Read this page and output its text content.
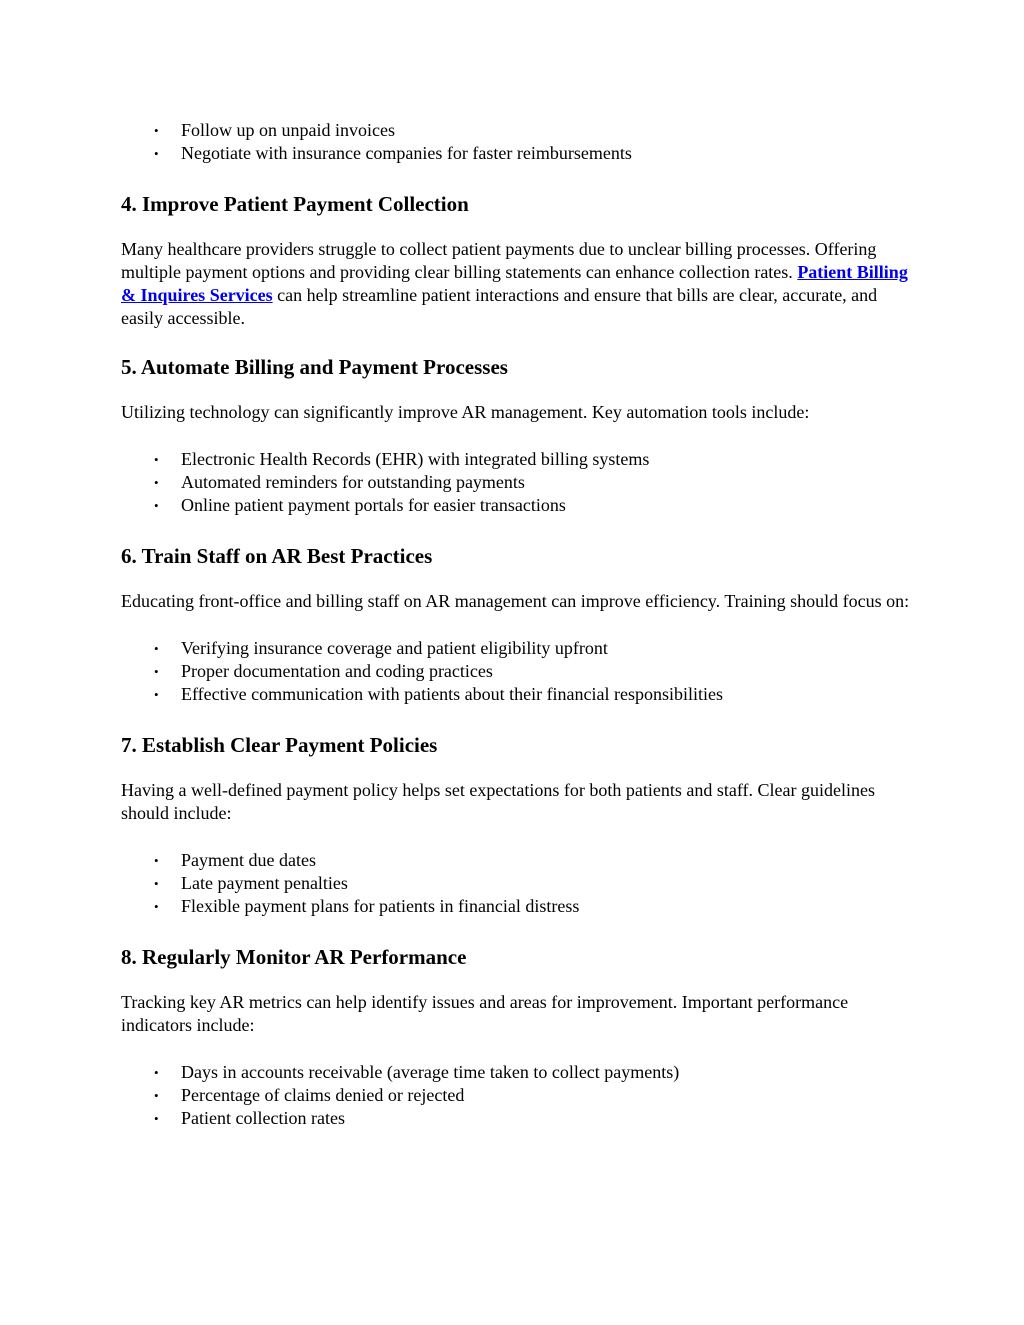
• Follow up on unpaid invoices
• Negotiate with insurance companies for faster reimbursements
4. Improve Patient Payment Collection

Many healthcare providers struggle to collect patient payments due to unclear billing processes. Offering multiple payment options and providing clear billing statements can enhance collection rates. Patient Billing & Inquires Services can help streamline patient interactions and ensure that bills are clear, accurate, and easily accessible.

5. Automate Billing and Payment Processes

Utilizing technology can significantly improve AR management. Key automation tools include:

• Electronic Health Records (EHR) with integrated billing systems
• Automated reminders for outstanding payments
• Online patient payment portals for easier transactions
6. Train Staff on AR Best Practices

Educating front-office and billing staff on AR management can improve efficiency. Training should focus on:

• Verifying insurance coverage and patient eligibility upfront
• Proper documentation and coding practices
• Effective communication with patients about their financial responsibilities
7. Establish Clear Payment Policies

Having a well-defined payment policy helps set expectations for both patients and staff. Clear guidelines should include:

• Payment due dates
• Late payment penalties
• Flexible payment plans for patients in financial distress
8. Regularly Monitor AR Performance

Tracking key AR metrics can help identify issues and areas for improvement. Important performance indicators include:

• Days in accounts receivable (average time taken to collect payments)
• Percentage of claims denied or rejected
• Patient collection rates
